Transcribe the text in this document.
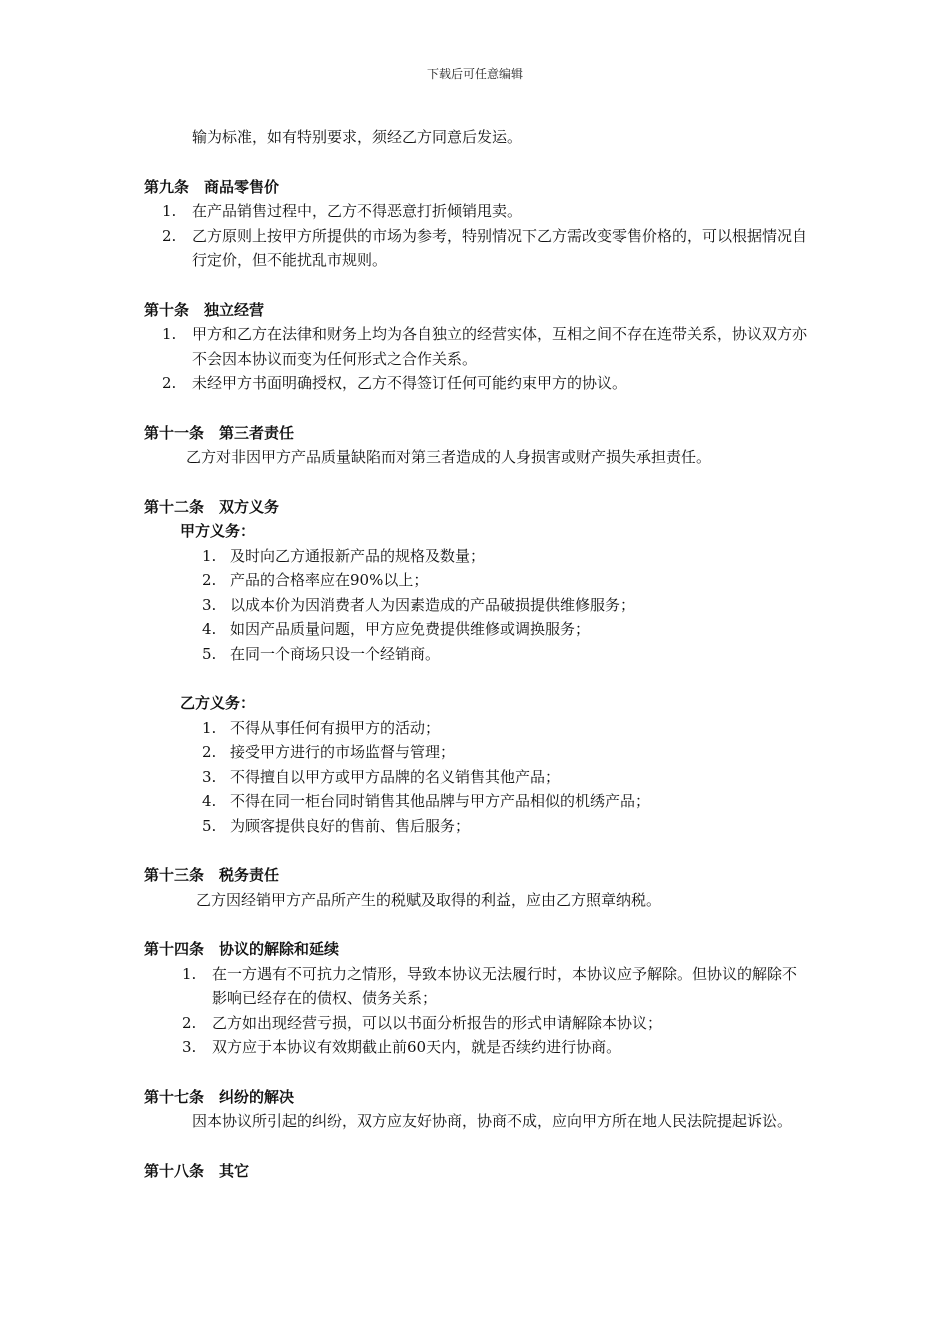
下载后可任意编辑

输为标准，如有特别要求，须经乙方同意后发运。

第九条　商品零售价
1. 在产品销售过程中，乙方不得恶意打折倾销甩卖。
2. 乙方原则上按甲方所提供的市场为参考，特别情况下乙方需改变零售价格的，可以根据情况自行定价，但不能扰乱市规则。
第十条　独立经营
1. 甲方和乙方在法律和财务上均为各自独立的经营实体，互相之间不存在连带关系，协议双方亦不会因本协议而变为任何形式之合作关系。
2. 未经甲方书面明确授权，乙方不得签订任何可能约束甲方的协议。
第十一条　第三者责任

乙方对非因甲方产品质量缺陷而对第三者造成的人身损害或财产损失承担责任。

第十二条　双方义务
甲方义务：
1. 及时向乙方通报新产品的规格及数量；
2. 产品的合格率应在90%以上；
3. 以成本价为因消费者人为因素造成的产品破损提供维修服务；
4. 如因产品质量问题，甲方应免费提供维修或调换服务；
5. 在同一个商场只设一个经销商。
乙方义务：
1. 不得从事任何有损甲方的活动；
2. 接受甲方进行的市场监督与管理；
3. 不得擅自以甲方或甲方品牌的名义销售其他产品；
4. 不得在同一柜台同时销售其他品牌与甲方产品相似的机绣产品；
5. 为顾客提供良好的售前、售后服务；
第十三条　税务责任

乙方因经销甲方产品所产生的税赋及取得的利益，应由乙方照章纳税。

第十四条　协议的解除和延续
1. 在一方遇有不可抗力之情形，导致本协议无法履行时，本协议应予解除。但协议的解除不影响已经存在的债权、债务关系；
2. 乙方如出现经营亏损，可以以书面分析报告的形式申请解除本协议；
3. 双方应于本协议有效期截止前60天内，就是否续约进行协商。
第十七条　纠纷的解决

因本协议所引起的纠纷，双方应友好协商，协商不成，应向甲方所在地人民法院提起诉讼。

第十八条　其它
